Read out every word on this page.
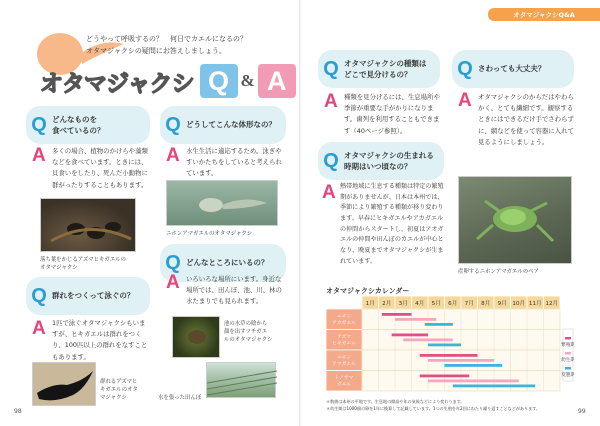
どうやって呼吸するの？　何日でカエルになるの？
オタマジャクシの疑問にお答えしましょう。
オタマジャクシ Q & A
Q どんなものを
食べているの？
A 多くの場合、植物のかけらや藻類などを食べています。ときには、貝食いをしたり、死んだ小動物に群がったりすることもあります。
落ち葉をかじるアズマヒキガエルの
オタマジャクシ
Q 群れをつくって泳ぐの？
A 1匹で泳ぐオタマジャクシもいますが、ヒキガエルは群れをつくり、100匹以上の群れをなすこともあります。
群れるアズマヒ
キガエルのオタ
マジャクシ
Q どうしてこんな体形なの？
A 水生生活に適応するため。泳ぎやすいかたちをしていると考えられています。
ニホンアマガエルのオタマジャクシ
Q どんなところにいるの？
A いろいろな場所にいます。身近な場所では、田んぼ、池、川、林の水たまりでも見られます。
池の水草の陰から
顔を出すツチガエ
ルのオタマジャクシ
水を張った田んぼ
98
オタマジャクシQ&A
Q オタマジャクシの種類は
どこで見分けるの？
A 種類を見分けるには、生息場所や季節が重要な手がかりになります。歯列を利用することもできます（40ページ参照）。
Q オタマジャクシの生まれる
時期はいつ頃なの？
A 熱帯地域に生息する種類は特定の繁殖期がありませんが、日本は本州では、季節により繁殖する種類が移り変わります。早春にヒキガエルやアカガエルの仲間からスタートし、初夏はアオガエルの仲間や田んぼのカエルが中心となり、晩夏までオタマジャクシが生まれています。
Q さわっても大丈夫？
A オタマジャクシのからだはやわらかく、とても繊細です。観察するときにはできるだけ手でさわらずに、網などを使って容器に入れて見るようにしましょう。
産卵するニホンアマガエルのペア
オタマジャクシカレンダー
1月 2月 3月 4月 5月 6月 7月 8月 9月 10月 11月 12月
ニホン
アカガエル
アズマ
ヒキガエル
ニホン
アマガエル
トノサマ
ガエル
繁殖期
幼生期
変態期
＊数値は本州の平地です。生息地の標高や年の気候などにより変わります。
＊幼生期は1000個の卵を1年に換算して記載しています。1つの生殖を年2回にわたり繰り返すことなどがあります。	99
